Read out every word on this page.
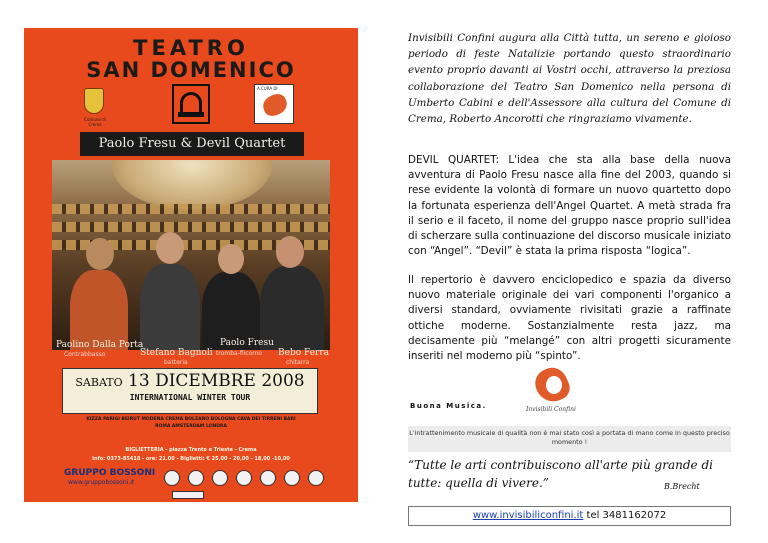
TEATRO
SAN DOMENICO
Comune di Crema
A CURA DI
Paolo Fresu & Devil Quartet
Paolino Dalla Porta
Contrabbasso	Stefano Bagnoli
batteria
Paolo Fresu
tromba-flicorno Bebo Ferra
chitarra
SABATO 13 DICEMBRE 2008
INTERNATIONAL WINTER TOUR
KIZZA PARIGI BEIRUT MODENA CREMA BOLZANO BOLOGNA CAVA DEI TIRRENI BARI
ROMA AMSTERDAM LONDRA
BIGLIETTERIA - piazza Trento e Trieste - Crema
Info: 0373-85418 - ore: 21.00 - Biglietti: € 25,00 - 20,00 - 18,00 -10,00
GRUPPO BOSSONI
www.gruppobossoni.it
Invisibili Confini augura alla Città tutta, un sereno e gioioso periodo di feste Natalizie portando questo straordinario evento proprio davanti ai Vostri occhi, attraverso la preziosa collaborazione del Teatro San Domenico nella persona di Umberto Cabini e dell'Assessore alla cultura del Comune di Crema, Roberto Ancorotti che ringraziamo vivamente.
DEVIL QUARTET: L'idea che sta alla base della nuova avventura di Paolo Fresu nasce alla fine del 2003, quando si rese evidente la volontà di formare un nuovo quartetto dopo la fortunata esperienza dell'Angel Quartet. A metà strada fra il serio e il faceto, il nome del gruppo nasce proprio sull'idea di scherzare sulla continuazione del discorso musicale iniziato con “Angel”. “Devil” è stata la prima risposta “logica”.
Il repertorio è davvero enciclopedico e spazia da diverso nuovo materiale originale dei vari componenti l'organico a diversi standard, ovviamente rivisitati grazie a raffinate ottiche moderne. Sostanzialmente resta jazz, ma decisamente più “melangé” con altri progetti sicuramente inseriti nel moderno più “spinto”.
Buona Musica.	Invisibili Confini
L'intrattenimento musicale di qualità non è mai stato così a portata di mano come in questo preciso momento !
“Tutte le arti contribuiscono all'arte più grande di tutte: quella di vivere.”	B.Brecht
www.invisibiliconfini.it tel 3481162072
